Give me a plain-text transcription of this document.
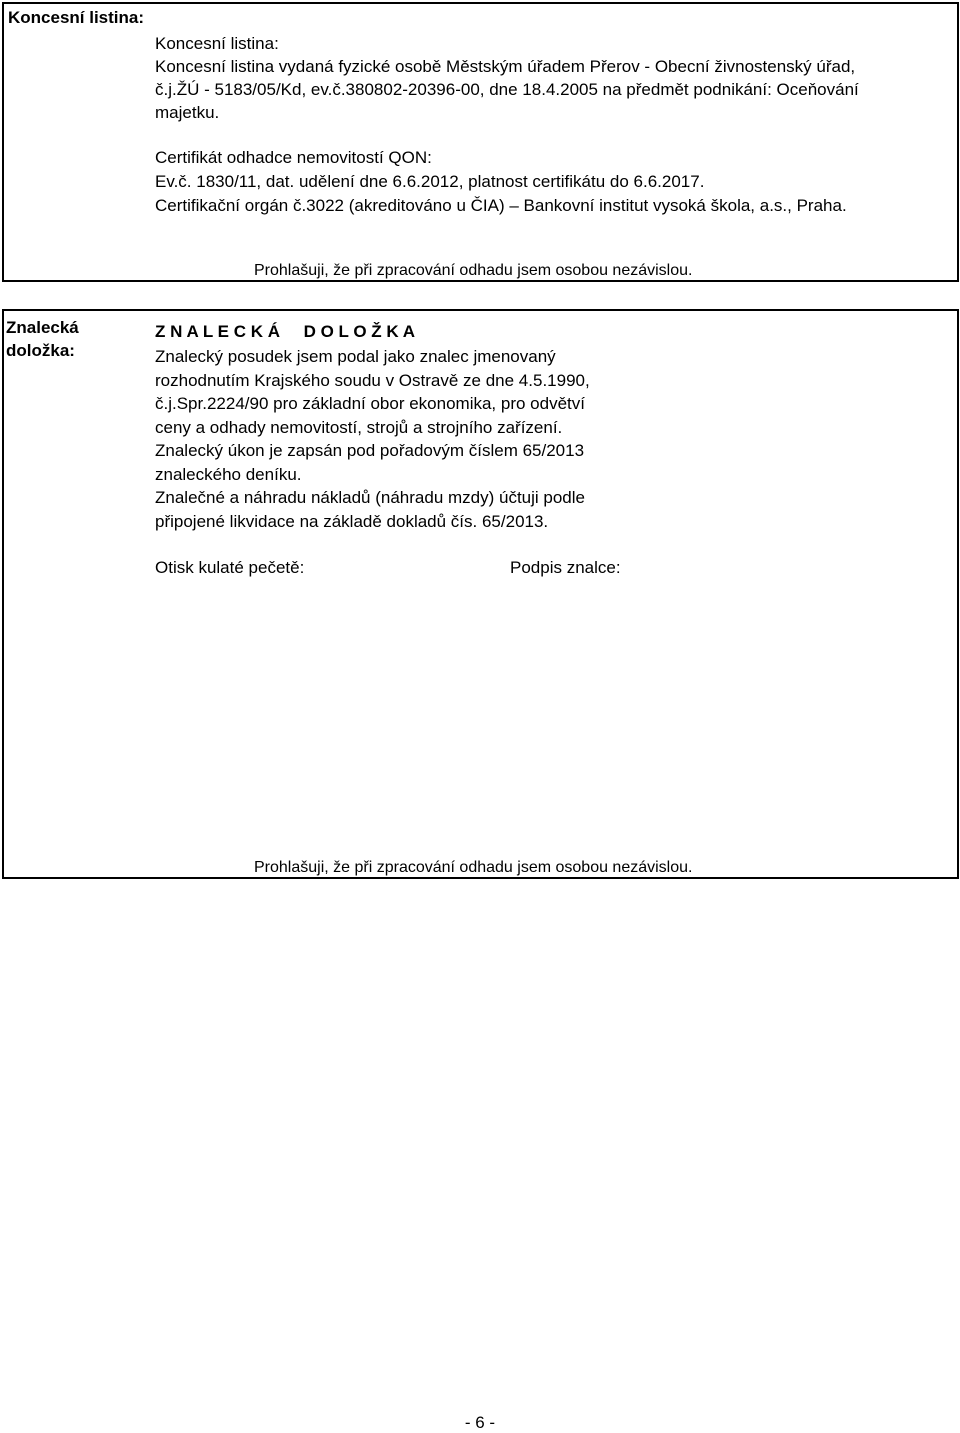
Koncesní listina:
Koncesní listina:
Koncesní listina vydaná fyzické osobě Městským úřadem Přerov - Obecní živnostenský úřad,
č.j.ŽÚ - 5183/05/Kd, ev.č.380802-20396-00, dne 18.4.2005 na předmět podnikání: Oceňování
majetku.
Certifikát odhadce nemovitostí QON:
Ev.č. 1830/11, dat. udělení dne 6.6.2012, platnost certifikátu do 6.6.2017.
Certifikační orgán č.3022 (akreditováno u ČIA) – Bankovní institut vysoká škola, a.s., Praha.
Prohlašuji, že při zpracování odhadu jsem osobou nezávislou.
Znalecká
doložka:
Z N A L E C K Á     D O L O Ž K A
Znalecký posudek jsem podal jako znalec jmenovaný
rozhodnutím Krajského soudu v Ostravě ze dne 4.5.1990,
č.j.Spr.2224/90 pro základní obor ekonomika, pro odvětví
ceny a odhady nemovitostí, strojů a strojního zařízení.
Znalecký úkon je zapsán pod pořadovým číslem 65/2013
znaleckého deníku.
Znalečné a náhradu nákladů (náhradu mzdy) účtuji podle
připojené likvidace na základě dokladů čís. 65/2013.
Otisk kulaté pečetě:	Podpis znalce:
Prohlašuji, že při zpracování odhadu jsem osobou nezávislou.
- 6 -
